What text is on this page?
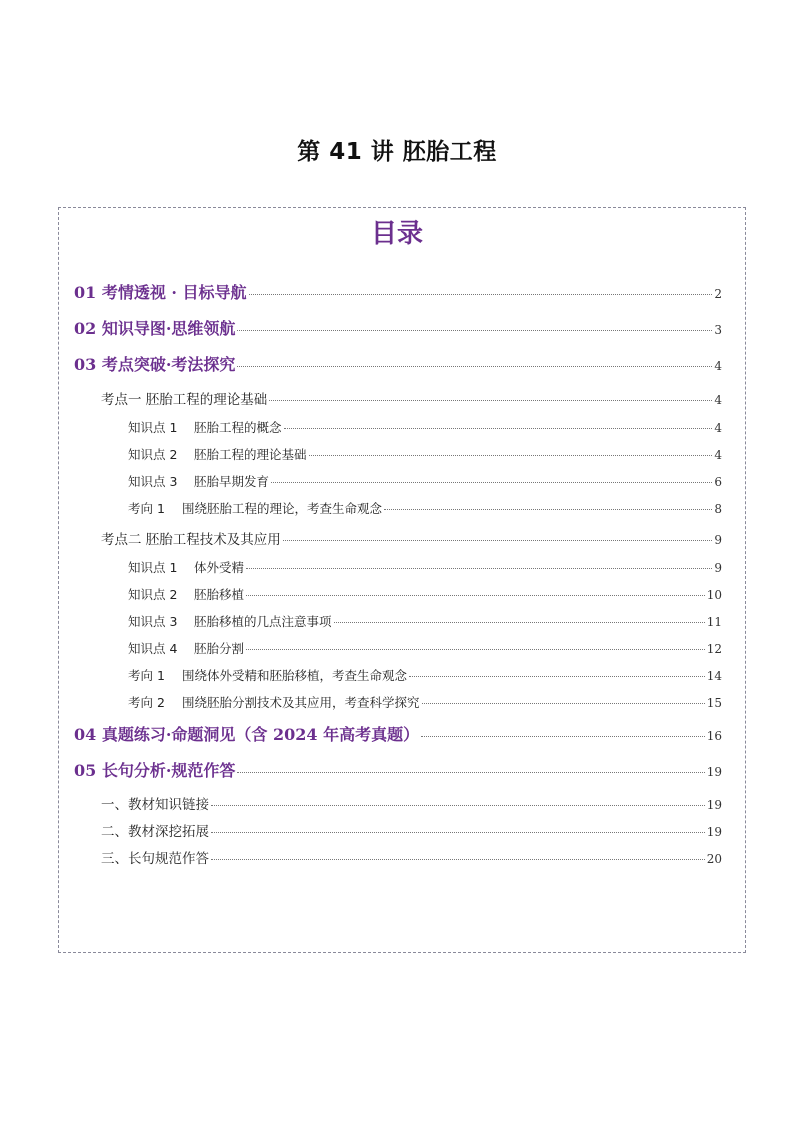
第 41 讲 胚胎工程
目录
01 考情透视 · 目标导航	2
02 知识导图·思维领航	3
03 考点突破·考法探究	4
考点一 胚胎工程的理论基础	4
知识点 1 胚胎工程的概念	4
知识点 2 胚胎工程的理论基础	4
知识点 3 胚胎早期发育	6
考向 1 围绕胚胎工程的理论，考查生命观念	8
考点二 胚胎工程技术及其应用	9
知识点 1 体外受精	9
知识点 2 胚胎移植	10
知识点 3 胚胎移植的几点注意事项	11
知识点 4 胚胎分割	12
考向 1 围绕体外受精和胚胎移植，考查生命观念	14
考向 2 围绕胚胎分割技术及其应用，考查科学探究	15
04 真题练习·命题洞见（含 2024 年高考真题）	16
05 长句分析·规范作答	19
一、教材知识链接	19
二、教材深挖拓展	19
三、长句规范作答	20
